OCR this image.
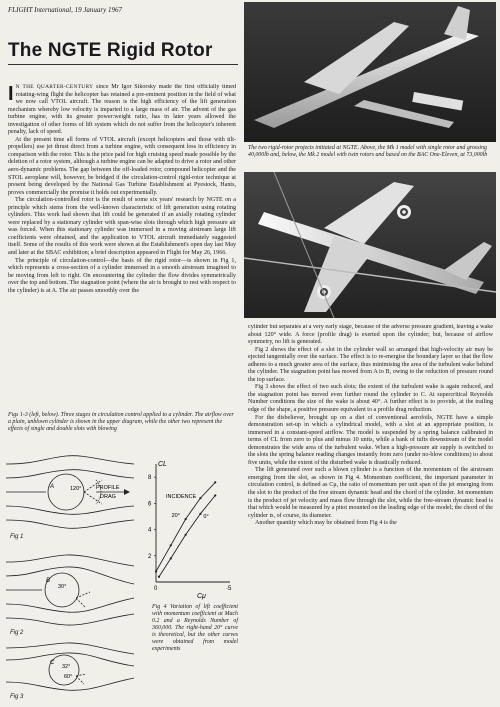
FLIGHT International, 19 January 1967
The NGTE Rigid Rotor

I N THE QUARTER-CENTURY since Mr Igor Sikorsky made the first officially timed rotating-wing flight the helicopter has retained a pre-eminent position in the field of what we now call VTOL aircraft. The reason is the high efficiency of the lift generation mechanism whereby low velocity is imparted to a large mass of air. The advent of the gas turbine engine, with its greater power:weight ratio, has in later years allowed the investigation of other forms of lift system which do not suffer from the helicopter's inherent penalty, lack of speed.

At the present time all forms of VTOL aircraft (except helicopters and those with tilt-propellers) use jet thrust direct from a turbine engine, with consequent loss in efficiency in comparison with the rotor. This is the price paid for high cruising speed made possible by the deletion of a rotor system, although a turbine engine can be adapted to drive a rotor and other aero-dynamic problems. The gap between the off-loaded rotor, compound helicopter and the STOL aeroplane will, however, be bridged if the circulation-control rigid-rotor technique at present being developed by the National Gas Turbine Establishment at Pyestock, Hants, proves commercially the promise it holds out experimentally.

The circulation-controlled rotor is the result of some six years' research by NGTE on a principle which stems from the well-known characteristic of lift generation using rotating cylinders. This work had shown that lift could be generated if an axially rotating cylinder were replaced by a stationary cylinder with span-wise slots through which high pressure air was forced. When this stationary cylinder was immersed in a moving airstream large lift coefficients were obtained, and the application to VTOL aircraft immediately suggested itself. Some of the results of this work were shown at the Establishment's open day last May and later at the SBAC exhibition; a brief description appeared in Flight for May 26, 1966.

The principle of circulation-control—the basis of the rigid rotor—is shown in Fig 1, which represents a cross-section of a cylinder immersed in a smooth airstream imagined to be moving from left to right. On encountering the cylinder the flow divides symmetrically over the top and bottom. The stagnation point (where the air is brought to rest with respect to the cylinder) is at A. The air passes smoothly over the

The two rigid-rotor projects initiated at NGTE. Above, the Mk 1 model with single rotor and grossing 40,000lb and, below, the Mk 2 model with twin rotors and based on the BAC One-Eleven, at 73,000lb

cylinder but separates at a very early stage, because of the adverse pressure gradient, leaving a wake about 120° wide. A force (profile drag) is exerted upon the cylinder; but, because of airflow symmetry, no lift is generated.

Fig 2 shows the effect of a slot in the cylinder wall so arranged that high-velocity air may be ejected tangentially over the surface. The effect is to re-energise the boundary layer so that the flow adheres to a much greater area of the surface, thus minimising the area of the turbulent wake behind the cylinder. The stagnation point has moved from A to B, owing to the reduction of pressure round the top surface.

Fig 3 shows the effect of two such slots; the extent of the turbulent wake is again reduced, and the stagnation point has moved even further round the cylinder to C. At supercritical Reynolds Number conditions the size of the wake is about 40°. A further effect is to provide, at the trailing edge of the shape, a positive pressure equivalent to a profile drag reduction.

For the disbeliever, brought up on a diet of conventional aerofoils, NGTE have a simple demonstration set-up in which a cylindrical model, with a slot at an appropriate position, is immersed in a constant-speed airflow. The model is suspended by a spring balance calibrated in terms of CL from zero to plus and minus 10 units, while a bank of tufts downstream of the model demonstrates the wide area of the turbulent wake. When a high-pressure air supply is switched to the slots the spring balance reading changes instantly from zero (under no-blow conditions) to about five units, while the extent of the disturbed wake is drastically reduced.

The lift generated over such a blown cylinder is a function of the momentum of the airstream emerging from the slot, as shown in Fig 4. Momentum coefficient, the important parameter in circulation control, is defined as Cμ, the ratio of momentum per unit span of the jet emerging from the slot to the product of the free stream dynamic head and the chord of the cylinder. Jet momentum is the product of jet velocity and mass flow through the slot, while the free-stream dynamic head is that which would be measured by a pitot mounted on the leading edge of the model; the chord of the cylinder is, of course, its diameter.

Another quantity which may be obtained from Fig 4 is the

Figs 1-3 (left, below). Three stages in circulation control applied to a cylinder. The airflow over a plain, unblown cylinder is shown in the upper diagram, while the other two represent the effects of single and double slots with blowing
A	120°	PROFILE
DRAG
Fig 1
30°
B
Fig 2
32°
60°
C
Fig 3
CL
Cμ
8
6
4
2
0	·5
INCIDENCE
20°	0°
Fig 4 Variation of lift coefficient with momentum coefficient at Mach 0.2 and a Reynolds Number of 360,000. The right-hand 20° curve is theoretical, but the other curves were obtained from model experiments
